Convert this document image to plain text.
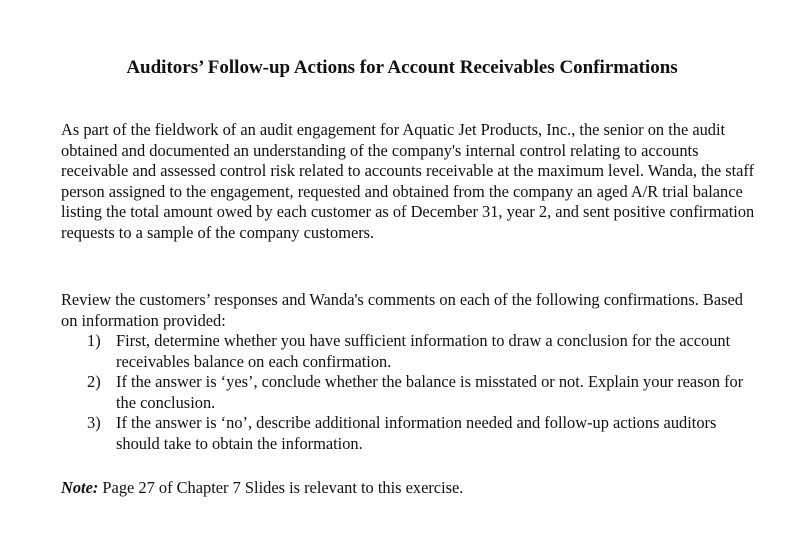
Auditors’ Follow-up Actions for Account Receivables Confirmations

As part of the fieldwork of an audit engagement for Aquatic Jet Products, Inc., the senior on the audit obtained and documented an understanding of the company's internal control relating to accounts receivable and assessed control risk related to accounts receivable at the maximum level. Wanda, the staff person assigned to the engagement, requested and obtained from the company an aged A/R trial balance listing the total amount owed by each customer as of December 31, year 2, and sent positive confirmation requests to a sample of the company customers.

Review the customers’ responses and Wanda's comments on each of the following confirmations. Based on information provided:

1) First, determine whether you have sufficient information to draw a conclusion for the account receivables balance on each confirmation.
2) If the answer is ‘yes’, conclude whether the balance is misstated or not. Explain your reason for the conclusion.
3) If the answer is ‘no’, describe additional information needed and follow-up actions auditors should take to obtain the information.

Note: Page 27 of Chapter 7 Slides is relevant to this exercise.
